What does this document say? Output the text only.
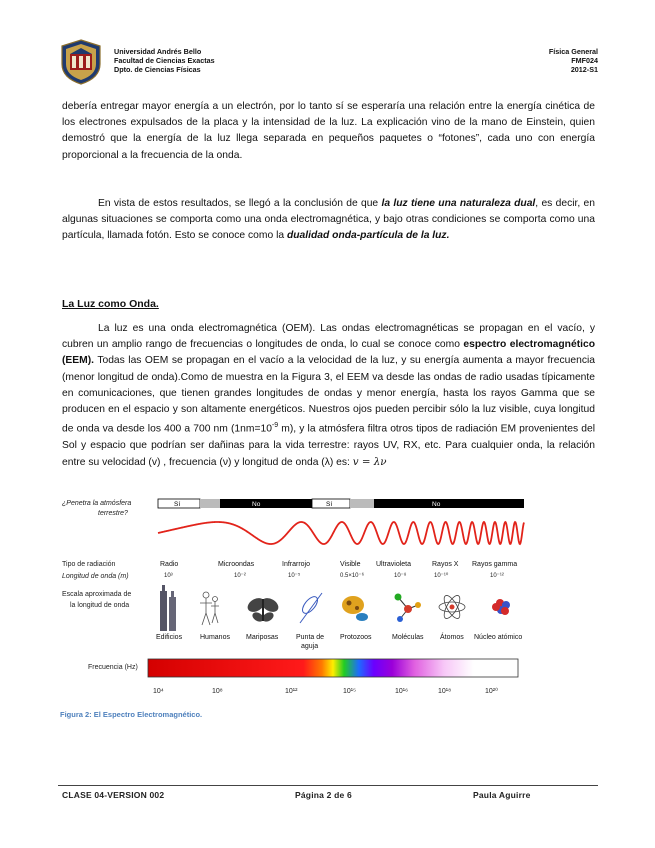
Universidad Andrés Bello
Facultad de Ciencias Exactas
Dpto. de Ciencias Físicas
Física General
FMF024
2012-S1
debería entregar mayor energía a un electrón, por lo tanto sí se esperaría una relación entre la energía cinética de los electrones expulsados de la placa y la intensidad de la luz. La explicación vino de la mano de Einstein, quien demostró que la energía de la luz llega separada en pequeños paquetes o “fotones”, cada uno con energía proporcional a la frecuencia de la onda.
En vista de estos resultados, se llegó a la conclusión de que la luz tiene una naturaleza dual, es decir, en algunas situaciones se comporta como una onda electromagnética, y bajo otras condiciones se comporta como una partícula, llamada fotón. Esto se conoce como la dualidad onda-partícula de la luz.
La Luz como Onda.
La luz es una onda electromagnética (OEM). Las ondas electromagnéticas se propagan en el vacío, y cubren un amplio rango de frecuencias o longitudes de onda, lo cual se conoce como espectro electromagnético (EEM). Todas las OEM se propagan en el vacío a la velocidad de la luz, y su energía aumenta a mayor frecuencia (menor longitud de onda).Como de muestra en la Figura 3, el EEM va desde las ondas de radio usadas típicamente en comunicaciones, que tienen grandes longitudes de ondas y menor energía, hasta los rayos Gamma que se producen en el espacio y son altamente energéticos. Nuestros ojos pueden percibir sólo la luz visible, cuya longitud de onda va desde los 400 a 700 nm ($1nm=10^{-9}$ m), y la atmósfera filtra otros tipos de radiación EM provenientes del Sol y espacio que podrían ser dañinas para la vida terrestre: rayos UV, RX, etc. Para cualquier onda, la relación entre su velocidad (v) , frecuencia (ν) y longitud de onda (λ) es: v = λν
¿Penetra la atmósfera
terrestre?
Sí	No	Sí	No
Tipo de radiación
Longitud de onda (m)
Radio	Microondas	Infrarrojo	Visible Ultravioleta	Rayos X Rayos gamma
10³	10⁻²	10⁻⁵	0.5×10⁻⁶	10⁻⁸	10⁻¹⁰	10⁻¹²
Escala aproximada de
la longitud de onda
Edificios	Humanos Mariposas	Punta de
aguja
Protozoos	Moléculas Átomos Núcleo atómico
Frecuencia (Hz)
10⁴	10⁸	10¹²	10¹⁵	10¹⁶	10¹⁸	10²⁰
Figura 2: El Espectro Electromagnético.
CLASE 04-VERSION 002	Página 2 de 6	Paula Aguirre
